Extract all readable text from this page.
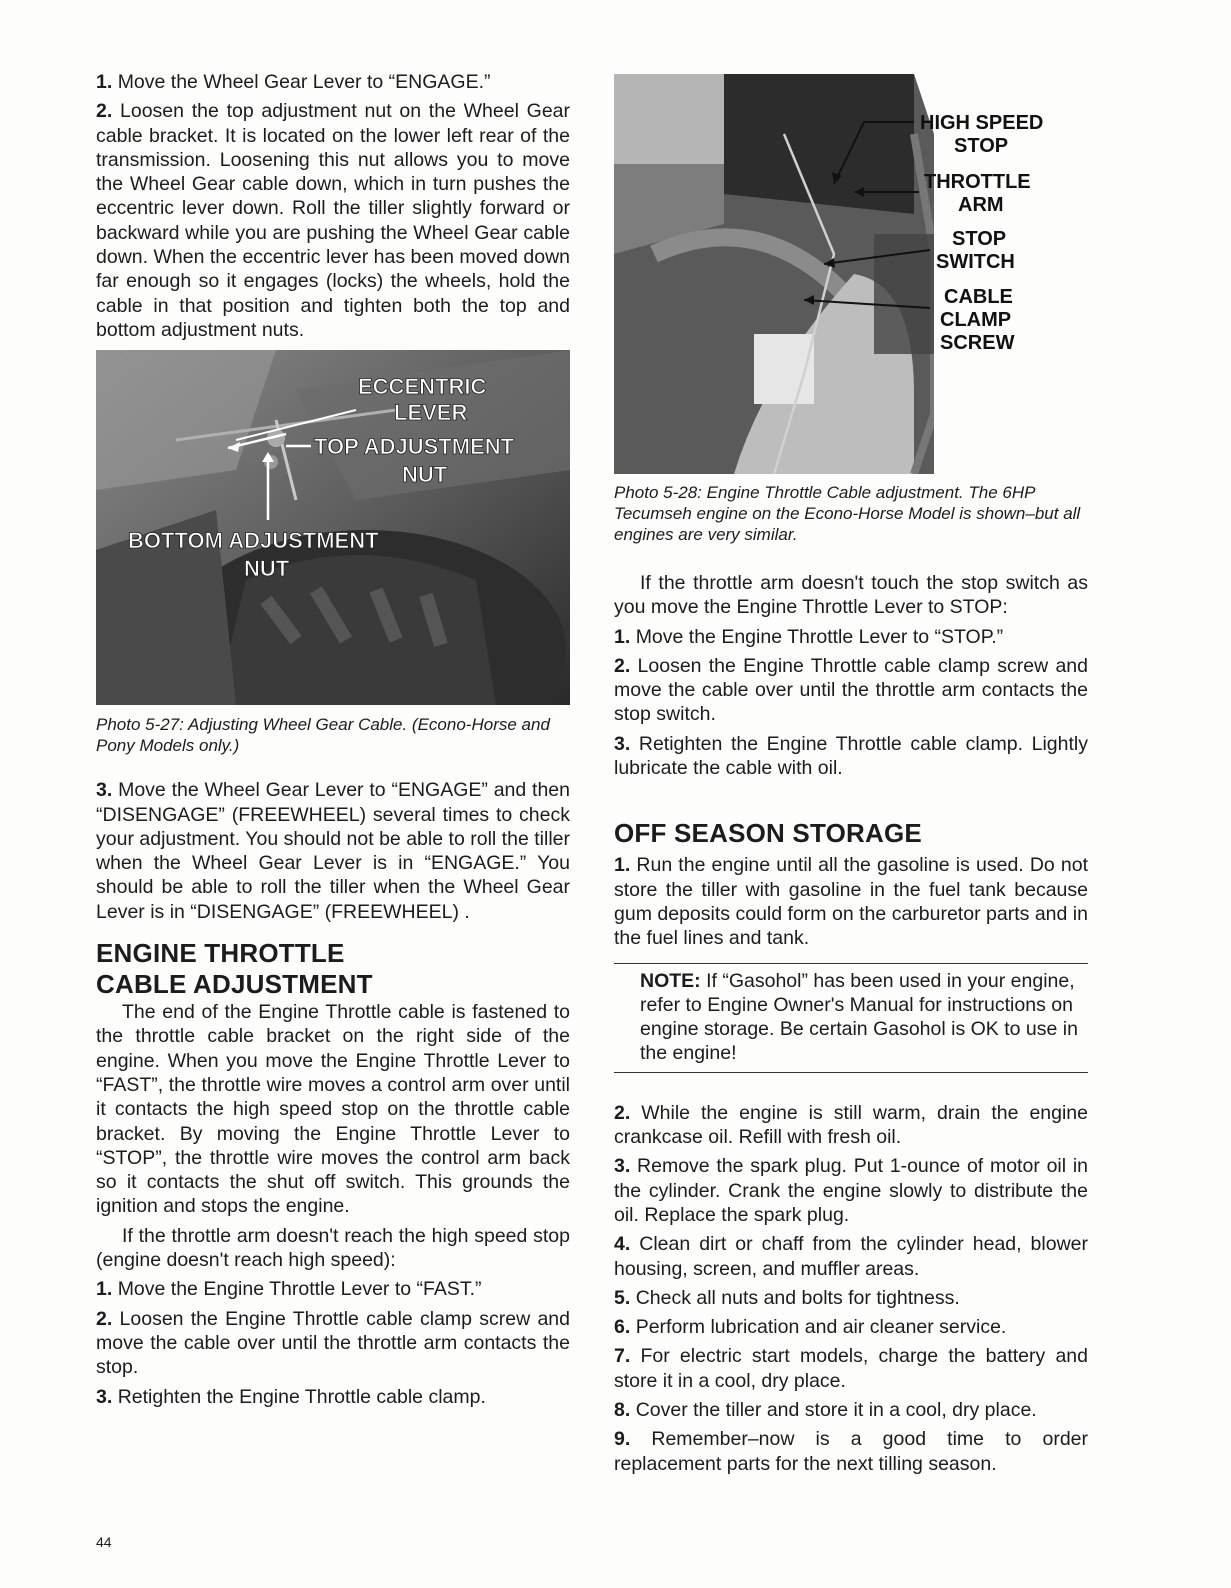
1. Move the Wheel Gear Lever to “ENGAGE.”

2. Loosen the top adjustment nut on the Wheel Gear cable bracket. It is located on the lower left rear of the transmission. Loosening this nut allows you to move the Wheel Gear cable down, which in turn pushes the eccentric lever down. Roll the tiller slightly forward or backward while you are pushing the Wheel Gear cable down. When the eccentric lever has been moved down far enough so it engages (locks) the wheels, hold the cable in that position and tighten both the top and bottom adjustment nuts.

ECCENTRIC
LEVER
TOP ADJUSTMENT
NUT
BOTTOM ADJUSTMENT
NUT

Photo 5-27: Adjusting Wheel Gear Cable. (Econo-Horse and Pony Models only.)

3. Move the Wheel Gear Lever to “ENGAGE” and then “DISENGAGE” (FREEWHEEL) several times to check your adjustment. You should not be able to roll the tiller when the Wheel Gear Lever is in “ENGAGE.” You should be able to roll the tiller when the Wheel Gear Lever is in “DISENGAGE” (FREEWHEEL) .

ENGINE THROTTLE
CABLE ADJUSTMENT

The end of the Engine Throttle cable is fastened to the throttle cable bracket on the right side of the engine. When you move the Engine Throttle Lever to “FAST”, the throttle wire moves a control arm over until it contacts the high speed stop on the throttle cable bracket. By moving the Engine Throttle Lever to “STOP”, the throttle wire moves the control arm back so it contacts the shut off switch. This grounds the ignition and stops the engine.

If the throttle arm doesn't reach the high speed stop (engine doesn't reach high speed):

1. Move the Engine Throttle Lever to “FAST.”

2. Loosen the Engine Throttle cable clamp screw and move the cable over until the throttle arm contacts the stop.

3. Retighten the Engine Throttle cable clamp.

HIGH SPEED
STOP
THROTTLE
ARM
STOP
SWITCH
CABLE
CLAMP
SCREW

Photo 5-28: Engine Throttle Cable adjustment. The 6HP Tecumseh engine on the Econo-Horse Model is shown–but all engines are very similar.

If the throttle arm doesn't touch the stop switch as you move the Engine Throttle Lever to STOP:

1. Move the Engine Throttle Lever to “STOP.”

2. Loosen the Engine Throttle cable clamp screw and move the cable over until the throttle arm contacts the stop switch.

3. Retighten the Engine Throttle cable clamp. Lightly lubricate the cable with oil.

OFF SEASON STORAGE

1. Run the engine until all the gasoline is used. Do not store the tiller with gasoline in the fuel tank because gum deposits could form on the carburetor parts and in the fuel lines and tank.

NOTE: If “Gasohol” has been used in your engine, refer to Engine Owner's Manual for instructions on engine storage. Be certain Gasohol is OK to use in the engine!

2. While the engine is still warm, drain the engine crankcase oil. Refill with fresh oil.

3. Remove the spark plug. Put 1-ounce of motor oil in the cylinder. Crank the engine slowly to distribute the oil. Replace the spark plug.

4. Clean dirt or chaff from the cylinder head, blower housing, screen, and muffler areas.

5. Check all nuts and bolts for tightness.

6. Perform lubrication and air cleaner service.

7. For electric start models, charge the battery and store it in a cool, dry place.

8. Cover the tiller and store it in a cool, dry place.

9. Remember–now is a good time to order replacement parts for the next tilling season.

44
